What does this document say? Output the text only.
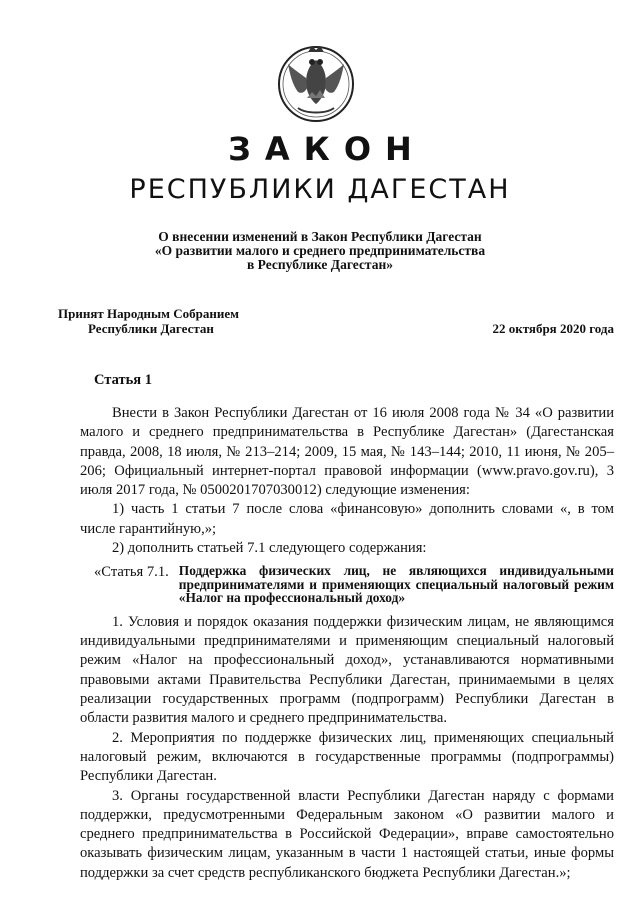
ЗАКОН
РЕСПУБЛИКИ ДАГЕСТАН
О внесении изменений в Закон Республики Дагестан
«О развитии малого и среднего предпринимательства
в Республике Дагестан»
Принят Народным Собранием
Республики Дагестан	22 октября 2020 года
Статья 1

Внести в Закон Республики Дагестан от 16 июля 2008 года № 34 «О развитии малого и среднего предпринимательства в Республике Дагестан» (Дагестанская правда, 2008, 18 июля, № 213–214; 2009, 15 мая, № 143–144; 2010, 11 июня, № 205–206; Официальный интернет-портал правовой информации (www.pravo.gov.ru), 3 июля 2017 года, № 0500201707030012) следующие изменения:

1) часть 1 статьи 7 после слова «финансовую» дополнить словами «, в том числе гарантийную,»;

2) дополнить статьей 7.1 следующего содержания:

«Статья 7.1. Поддержка физических лиц, не являющихся индивидуальными предпринимателями и применяющих специальный налоговый режим «Налог на профессиональный доход»

1. Условия и порядок оказания поддержки физическим лицам, не являющимся индивидуальными предпринимателями и применяющим специальный налоговый режим «Налог на профессиональный доход», устанавливаются нормативными правовыми актами Правительства Республики Дагестан, принимаемыми в целях реализации государственных программ (подпрограмм) Республики Дагестан в области развития малого и среднего предпринимательства.

2. Мероприятия по поддержке физических лиц, применяющих специальный налоговый режим, включаются в государственные программы (подпрограммы) Республики Дагестан.

3. Органы государственной власти Республики Дагестан наряду с формами поддержки, предусмотренными Федеральным законом «О развитии малого и среднего предпринимательства в Российской Федерации», вправе самостоятельно оказывать физическим лицам, указанным в части 1 настоящей статьи, иные формы поддержки за счет средств республиканского бюджета Республики Дагестан.»;
